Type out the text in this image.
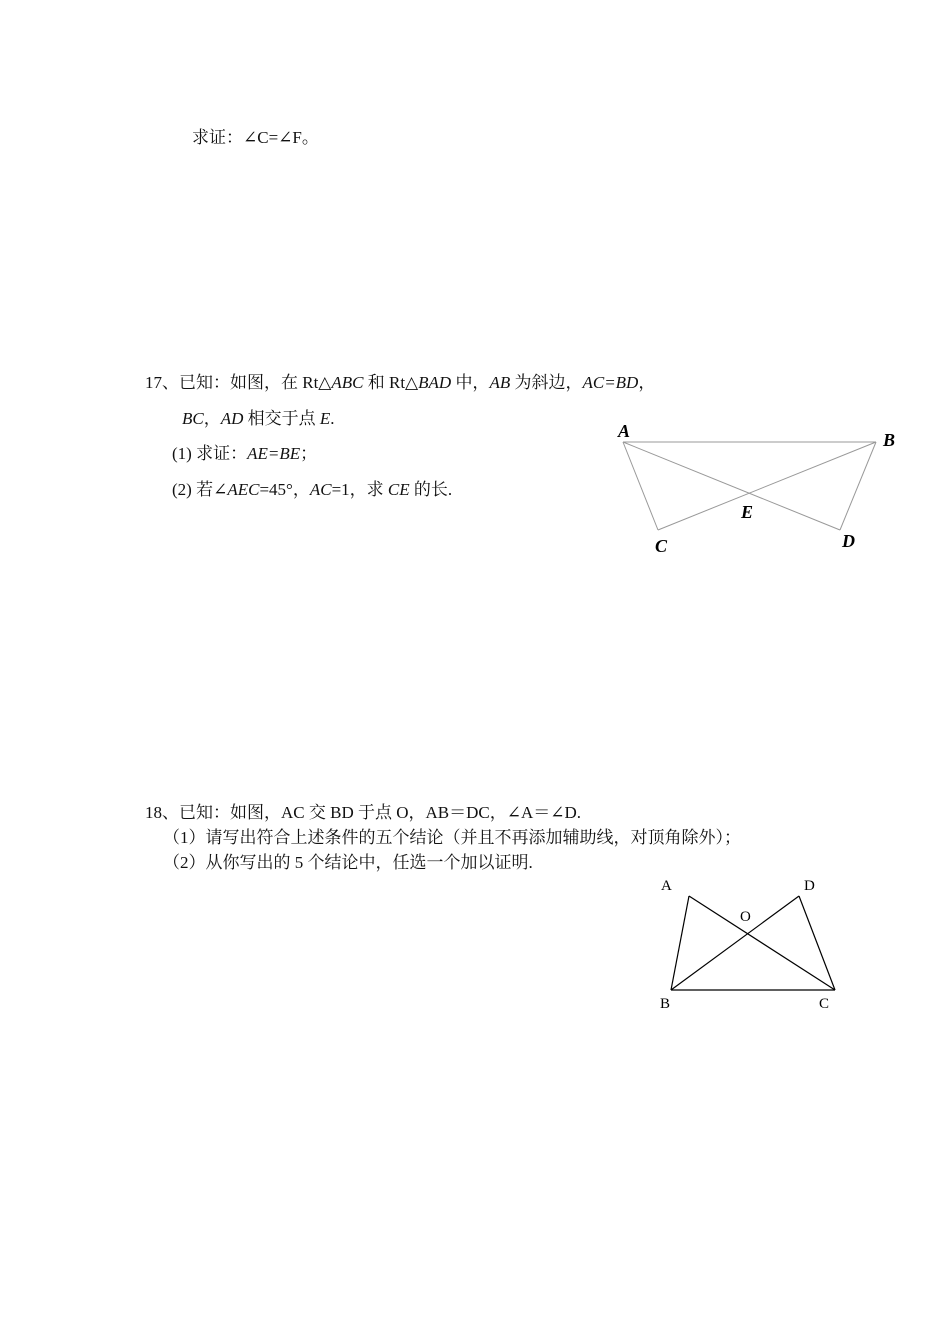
求证：∠C=∠F。
17、已知：如图，在 Rt△ABC 和 Rt△BAD 中，AB 为斜边，AC=BD，
BC，AD 相交于点 E.
(1) 求证：AE=BE；
(2) 若∠AEC=45°，AC=1，求 CE 的长.
A	B
C	D
E
18、已知：如图，AC 交 BD 于点 O，AB＝DC，∠A＝∠D.
（1）请写出符合上述条件的五个结论（并且不再添加辅助线，对顶角除外）；
（2）从你写出的 5 个结论中，任选一个加以证明.
A	D
O
B	C
